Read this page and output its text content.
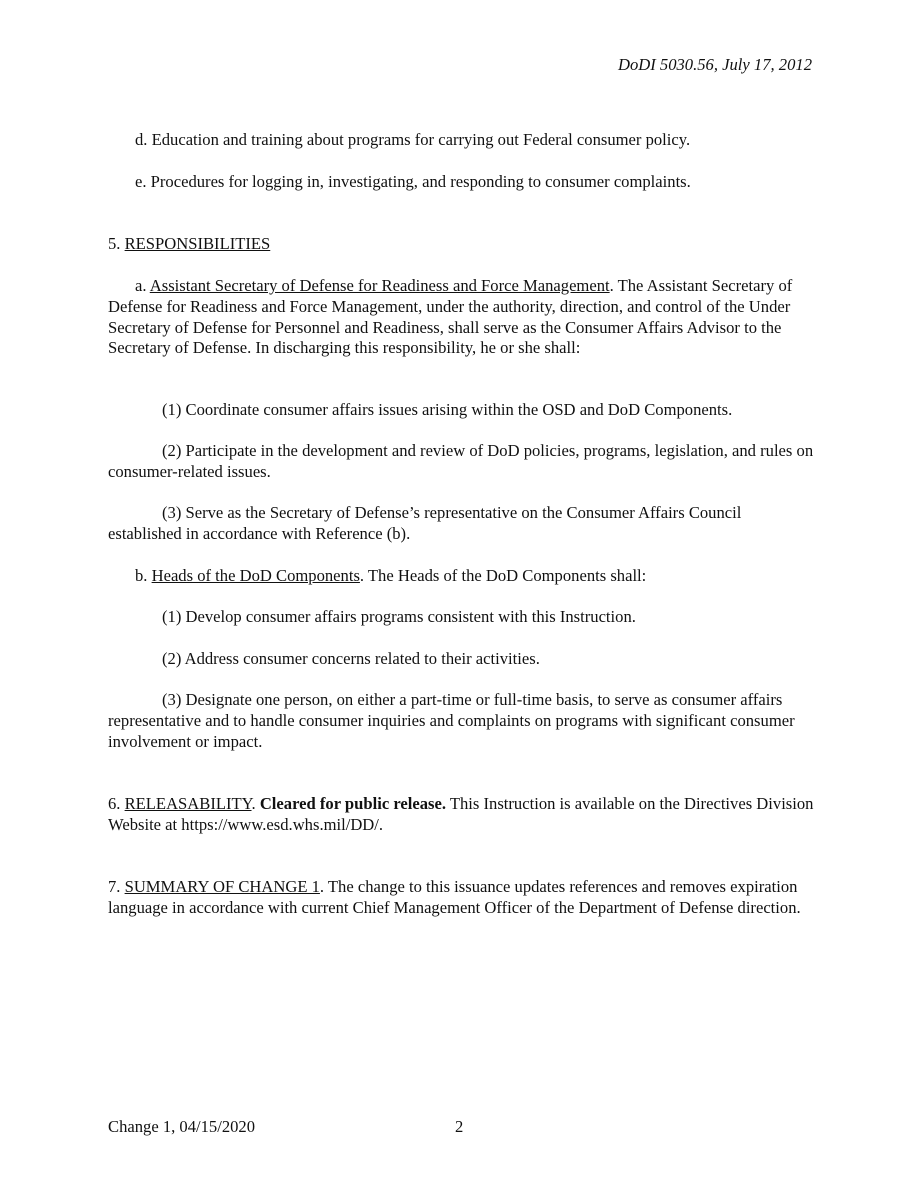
DoDI 5030.56, July 17, 2012

d. Education and training about programs for carrying out Federal consumer policy.

e. Procedures for logging in, investigating, and responding to consumer complaints.

5. RESPONSIBILITIES

a. Assistant Secretary of Defense for Readiness and Force Management. The Assistant Secretary of Defense for Readiness and Force Management, under the authority, direction, and control of the Under Secretary of Defense for Personnel and Readiness, shall serve as the Consumer Affairs Advisor to the Secretary of Defense. In discharging this responsibility, he or she shall:

(1) Coordinate consumer affairs issues arising within the OSD and DoD Components.

(2) Participate in the development and review of DoD policies, programs, legislation, and rules on consumer-related issues.

(3) Serve as the Secretary of Defense’s representative on the Consumer Affairs Council established in accordance with Reference (b).

b. Heads of the DoD Components. The Heads of the DoD Components shall:

(1) Develop consumer affairs programs consistent with this Instruction.

(2) Address consumer concerns related to their activities.

(3) Designate one person, on either a part-time or full-time basis, to serve as consumer affairs representative and to handle consumer inquiries and complaints on programs with significant consumer involvement or impact.

6. RELEASABILITY. Cleared for public release. This Instruction is available on the Directives Division Website at https://www.esd.whs.mil/DD/.

7. SUMMARY OF CHANGE 1. The change to this issuance updates references and removes expiration language in accordance with current Chief Management Officer of the Department of Defense direction.

Change 1, 04/15/2020	2
